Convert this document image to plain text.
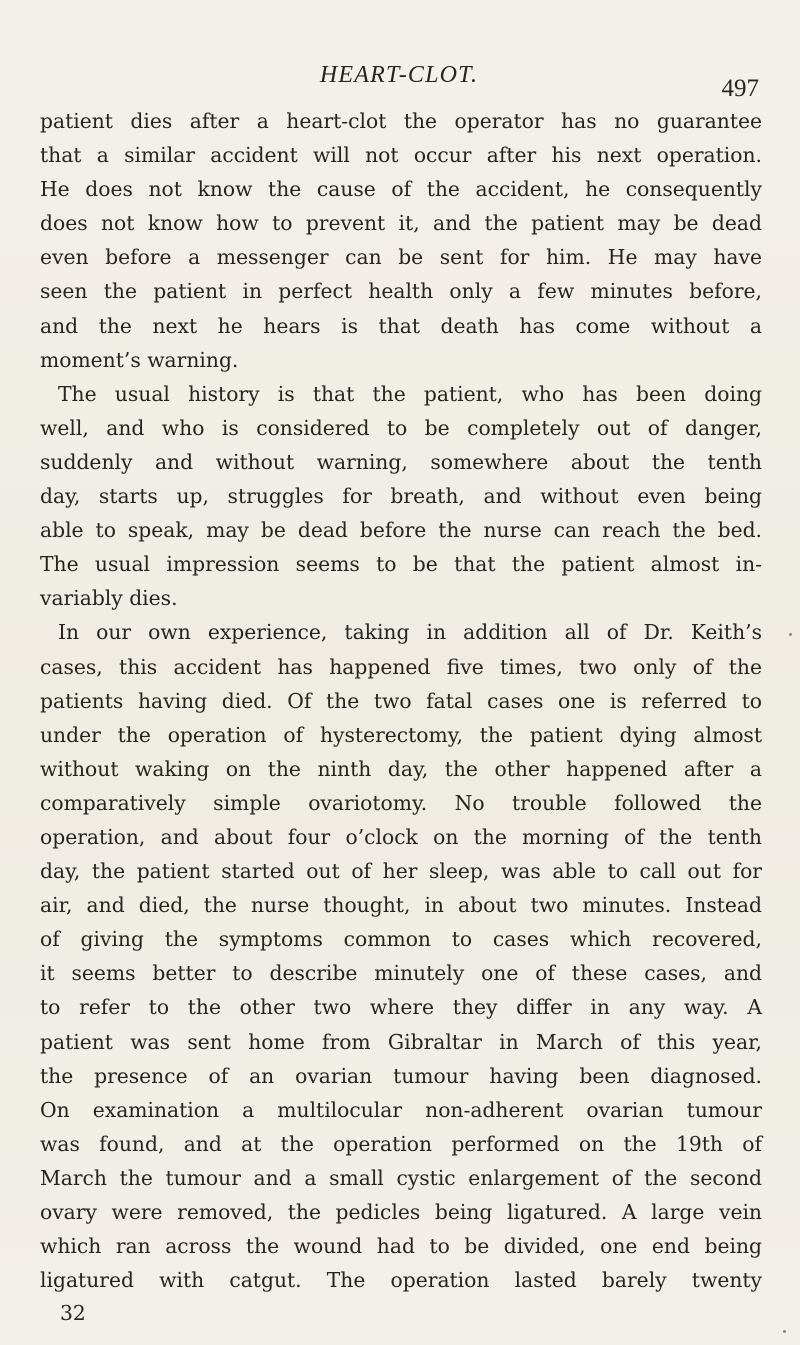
HEART-CLOT.	497
patient dies after a heart-clot the operator has no guarantee
that a similar accident will not occur after his next operation.
He does not know the cause of the accident, he consequently
does not know how to prevent it, and the patient may be dead
even before a messenger can be sent for him. He may have
seen the patient in perfect health only a few minutes before,
and the next he hears is that death has come without a
moment’s warning.
The usual history is that the patient, who has been doing
well, and who is considered to be completely out of danger,
suddenly and without warning, somewhere about the tenth
day, starts up, struggles for breath, and without even being
able to speak, may be dead before the nurse can reach the bed.
The usual impression seems to be that the patient almost in-
variably dies.
In our own experience, taking in addition all of Dr. Keith’s
cases, this accident has happened five times, two only of the
patients having died. Of the two fatal cases one is referred to
under the operation of hysterectomy, the patient dying almost
without waking on the ninth day, the other happened after a
comparatively simple ovariotomy. No trouble followed the
operation, and about four o’clock on the morning of the tenth
day, the patient started out of her sleep, was able to call out for
air, and died, the nurse thought, in about two minutes. Instead
of giving the symptoms common to cases which recovered,
it seems better to describe minutely one of these cases, and
to refer to the other two where they differ in any way. A
patient was sent home from Gibraltar in March of this year,
the presence of an ovarian tumour having been diagnosed.
On examination a multilocular non-adherent ovarian tumour
was found, and at the operation performed on the 19th of
March the tumour and a small cystic enlargement of the second
ovary were removed, the pedicles being ligatured. A large vein
which ran across the wound had to be divided, one end being
ligatured with catgut. The operation lasted barely twenty
32
